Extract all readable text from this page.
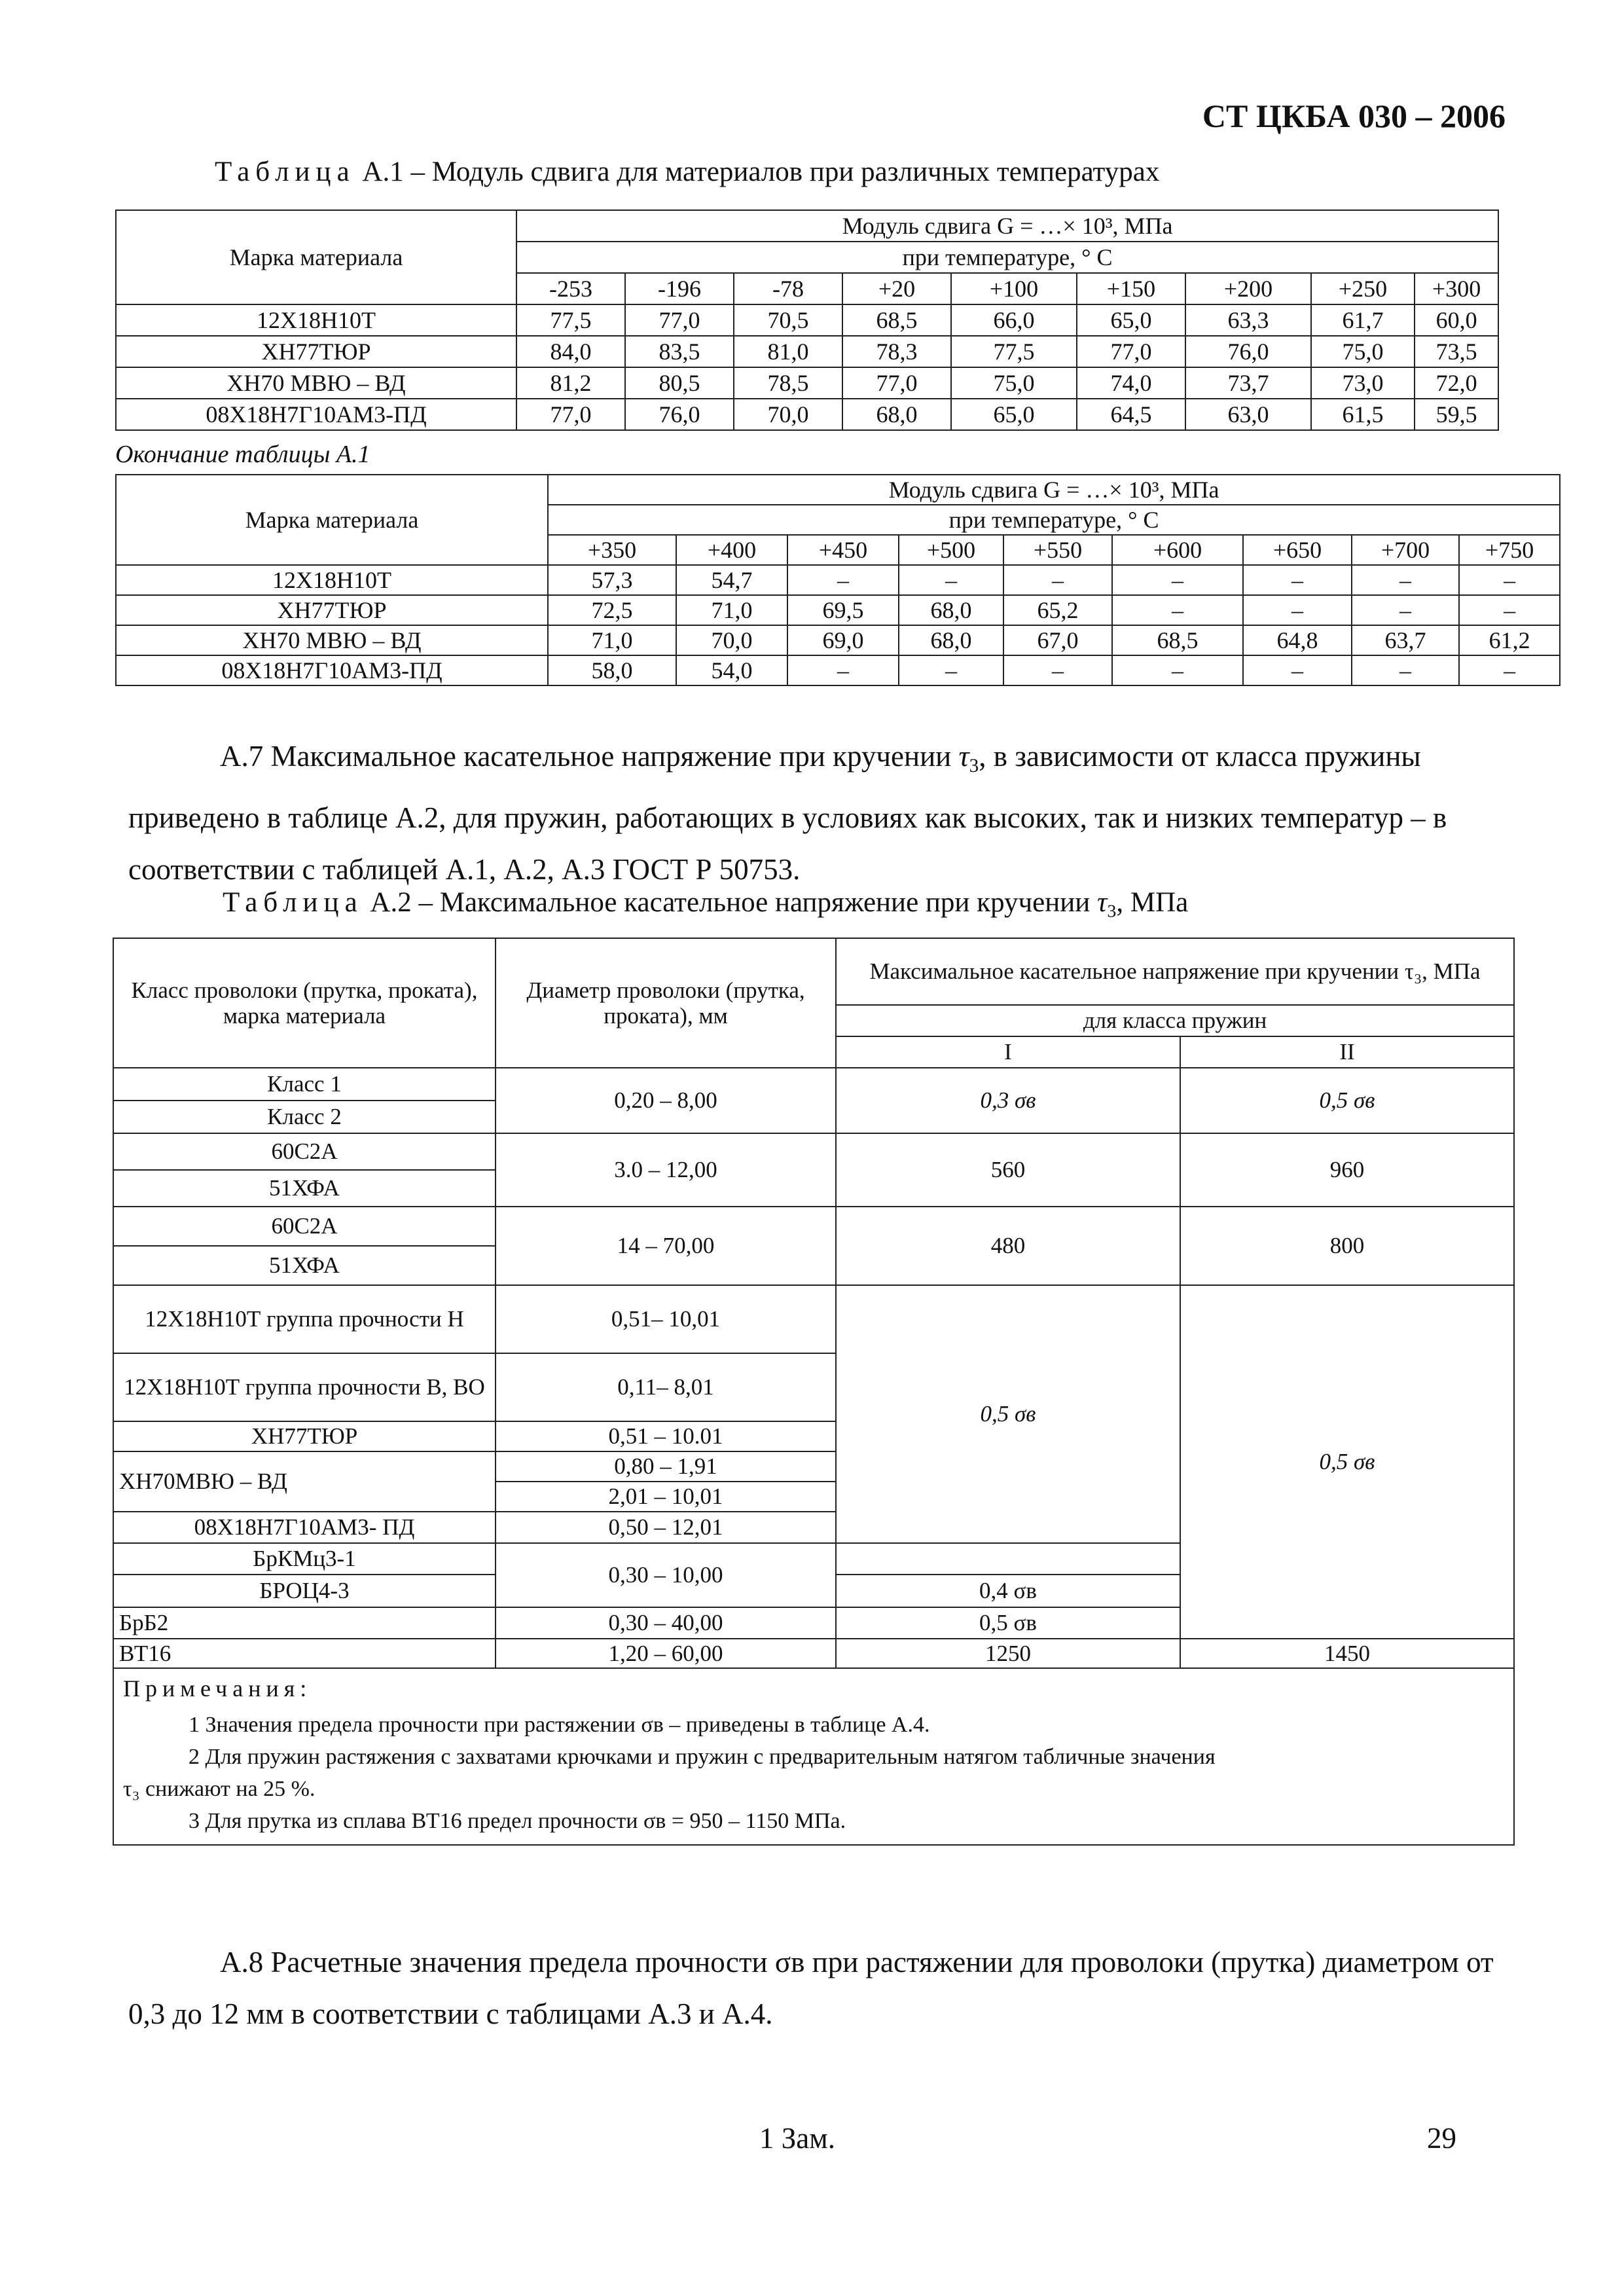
СТ ЦКБА 030 – 2006
Таблица А.1 – Модуль сдвига для материалов при различных температурах
Марка материала	Модуль сдвига G = …× 10³, МПа								
	при температуре, ° С								
	-253	-196	-78	+20	+100	+150	+200	+250	+300
12Х18Н10Т	77,5	77,0	70,5	68,5	66,0	65,0	63,3	61,7	60,0
ХН77ТЮР	84,0	83,5	81,0	78,3	77,5	77,0	76,0	75,0	73,5
ХН70 МВЮ – ВД	81,2	80,5	78,5	77,0	75,0	74,0	73,7	73,0	72,0
08Х18Н7Г10АМ3-ПД	77,0	76,0	70,0	68,0	65,0	64,5	63,0	61,5	59,5
Окончание таблицы А.1
Марка материала	Модуль сдвига G = …× 10³, МПа								
	при температуре, ° С								
	+350	+400	+450	+500	+550	+600	+650	+700	+750
12Х18Н10Т	57,3	54,7	–	–	–	–	–	–	–
ХН77ТЮР	72,5	71,0	69,5	68,0	65,2	–	–	–	–
ХН70 МВЮ – ВД	71,0	70,0	69,0	68,0	67,0	68,5	64,8	63,7	61,2
08Х18Н7Г10АМ3-ПД	58,0	54,0	–	–	–	–	–	–	–
А.7 Максимальное касательное напряжение при кручении $\tau_3$, в зависимости от класса пружины приведено в таблице А.2, для пружин, работающих в условиях как высоких, так и низких температур – в соответствии с таблицей А.1, А.2, А.3 ГОСТ Р 50753.
Таблица А.2 – Максимальное касательное напряжение при кручении $\tau_3$, МПа
Класс проволоки (прутка, проката), марка материала	Диаметр проволоки (прутка, проката), мм	Максимальное касательное напряжение при кручении τ₃, МПа	
		для класса пружин	
		I	II
Класс 1	0,20 – 8,00	0,3 σв	0,5 σв
Класс 2			
60С2А	3.0 – 12,00	560	960
51ХФА			
60С2А	14 – 70,00	480	800
51ХФА			
12Х18Н10Т группа прочности Н	0,51– 10,01	0,5 σв	0,5 σв
12Х18Н10Т группа прочности В, ВО	0,11– 8,01		
ХН77ТЮР	0,51 – 10.01		
ХН70МВЮ – ВД	0,80 – 1,91		
	2,01 – 10,01		
08Х18Н7Г10АМ3- ПД	0,50 – 12,01		
БрКМц3-1	0,30 – 10,00		
БРОЦ4-3		0,4 σв	
БрБ2	0,30 – 40,00	0,5 σв	
ВТ16	1,20 – 60,00	1250	1450

Примечания:
1 Значения предела прочности при растяжении σв – приведены в таблице А.4.
2 Для пружин растяжения с захватами крючками и пружин с предварительным натягом табличные значения
τ₃ снижают на 25 %.
3 Для прутка из сплава ВТ16 предел прочности σв = 950 – 1150 МПа.			
А.8 Расчетные значения предела прочности σв при растяжении для проволоки (прутка) диаметром от 0,3 до 12 мм в соответствии с таблицами А.3 и А.4.
1 Зам.	29
